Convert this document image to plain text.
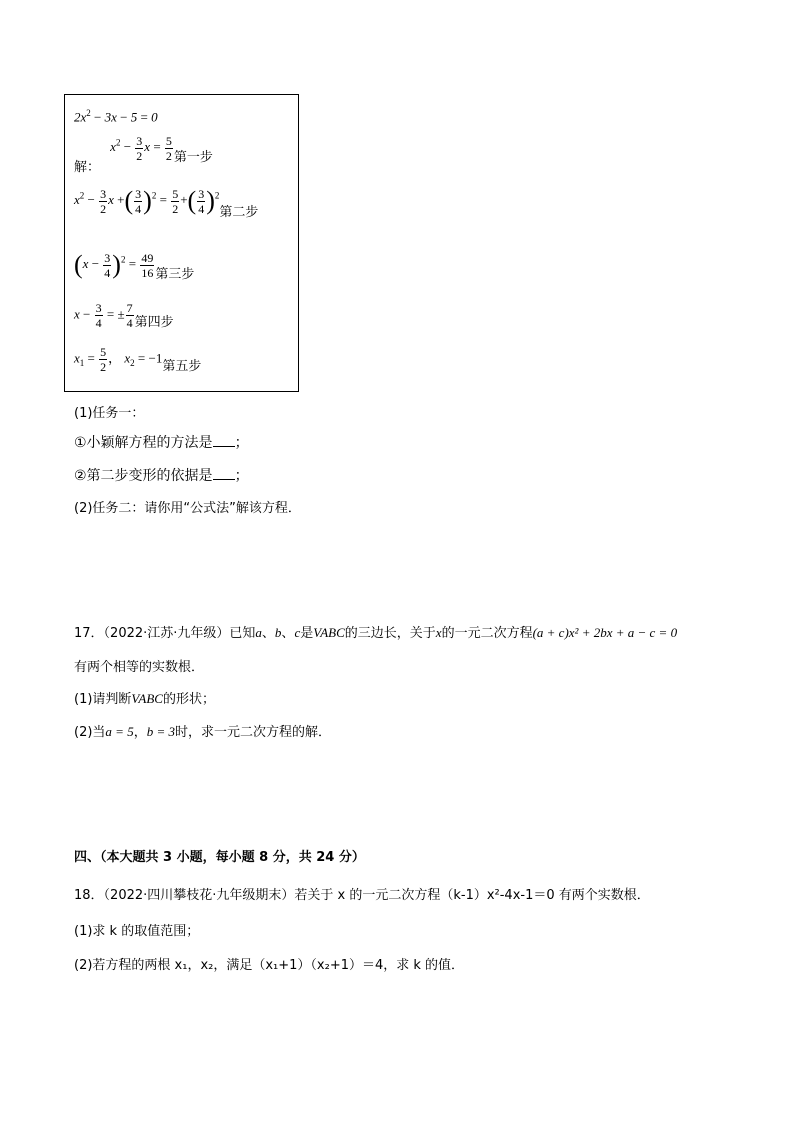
$2x^2 - 3x - 5 = 0$
解： $x^2 - \frac{3}{2}$ $x = \frac{5}{2}$ 第一步
$x^2 - \frac{3}{2}$ x +( $\frac{3}{4} )^2 = \frac{5}{2}$ +( $\frac{3}{4} )^2$第二步
$(x - \frac{3}{4} )^2 = \frac{49}{16}$ 第三步
$x - \frac{3}{4}$ = ± $\frac{7}{4}$ 第四步
$x_1 = \frac{5}{2}$ ， $x_2 = -1$第五步
(1)任务一：
①小颖解方程的方法是 ；
②第二步变形的依据是 ；
(2)任务二：请你用“公式法”解该方程．
17．（2022·江苏·九年级）已知a、b、c是VABC的三边长，关于x的一元二次方程(a + c)x² + 2bx + a − c = 0
有两个相等的实数根．
(1)请判断VABC的形状；
(2)当a = 5，b = 3时，求一元二次方程的解．
四、（本大题共 3 小题，每小题 8 分，共 24 分）
18．（2022·四川攀枝花·九年级期末）若关于 x 的一元二次方程（k-1）x²-4x-1＝0 有两个实数根．
(1)求 k 的取值范围；
(2)若方程的两根 x₁，x₂，满足（x₁+1）（x₂+1）＝4，求 k 的值．
